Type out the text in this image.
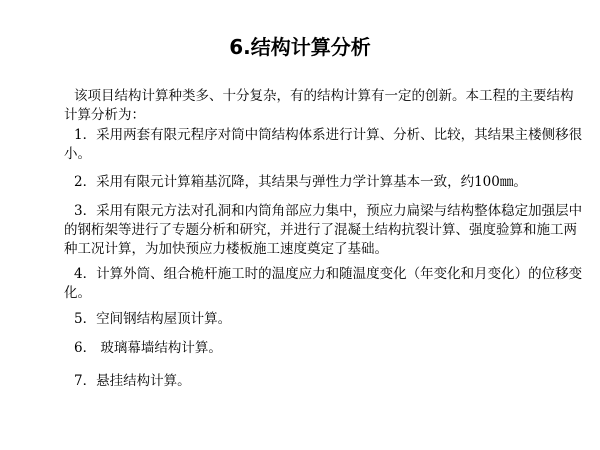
6.结构计算分析

该项目结构计算种类多、十分复杂，有的结构计算有一定的创新。本工程的主要结构计算分析为：

1．采用两套有限元程序对筒中筒结构体系进行计算、分析、比较，其结果主楼侧移很小。

2．采用有限元计算箱基沉降，其结果与弹性力学计算基本一致，约100㎜。

3．采用有限元方法对孔洞和内筒角部应力集中，预应力扁梁与结构整体稳定加强层中的钢桁架等进行了专题分析和研究，并进行了混凝土结构抗裂计算、强度验算和施工两种工况计算，为加快预应力楼板施工速度奠定了基础。

4．计算外筒、组合桅杆施工时的温度应力和随温度变化（年变化和月变化）的位移变化。

5．空间钢结构屋顶计算。

6． 玻璃幕墙结构计算。

7．悬挂结构计算。
